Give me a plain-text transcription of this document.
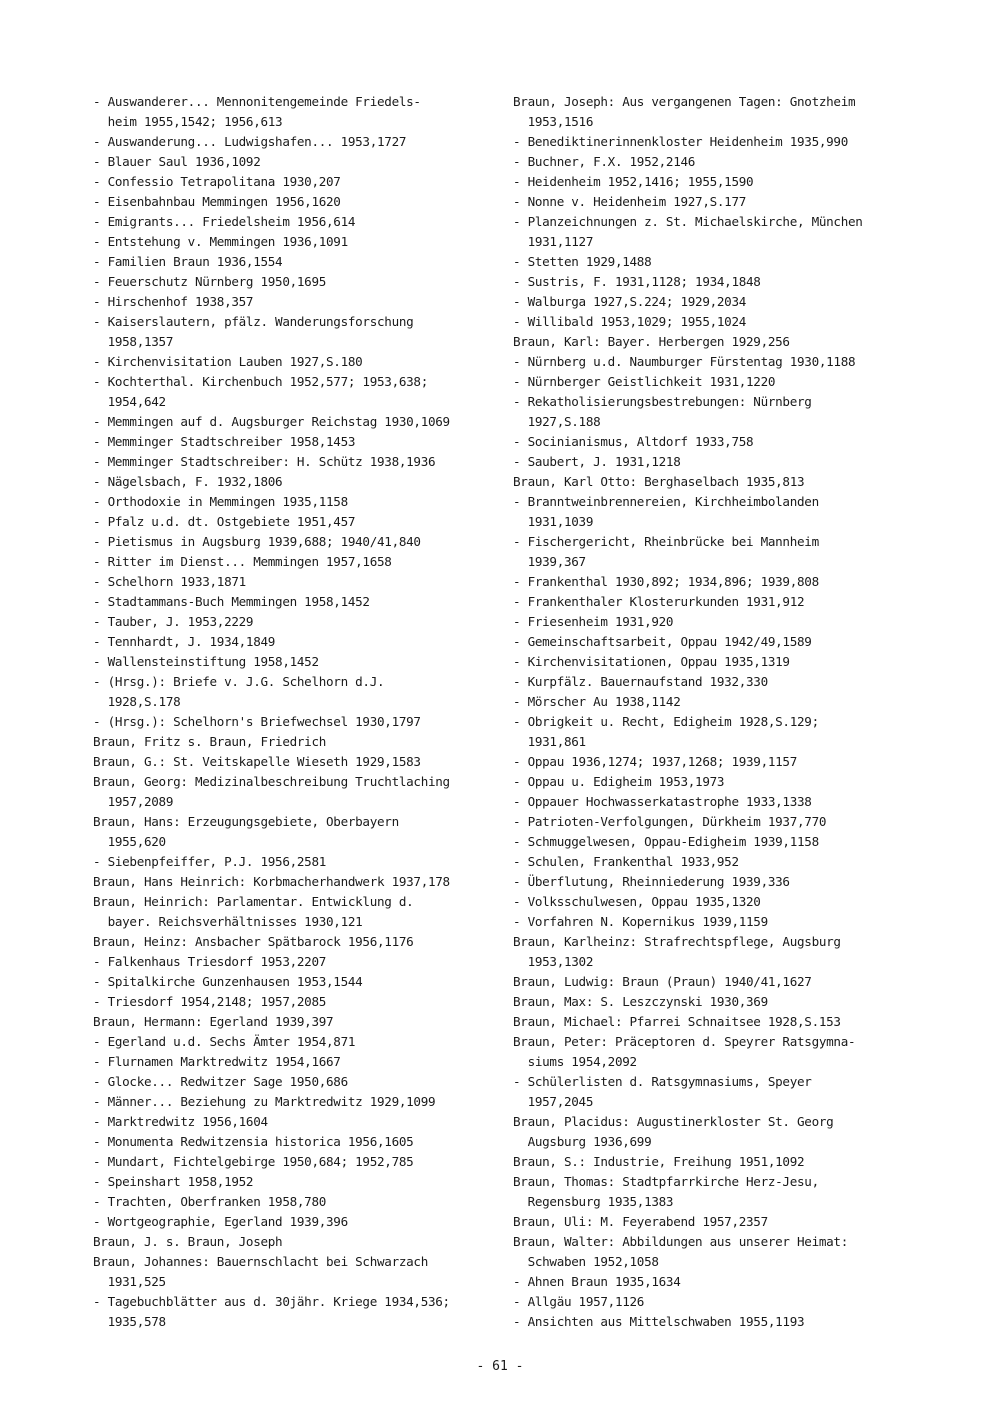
- Auswanderer... Mennonitengemeinde Friedels-
heim 1955,1542; 1956,613
- Auswanderung... Ludwigshafen... 1953,1727
- Blauer Saul 1936,1092
- Confessio Tetrapolitana 1930,207
- Eisenbahnbau Memmingen 1956,1620
- Emigrants... Friedelsheim 1956,614
- Entstehung v. Memmingen 1936,1091
- Familien Braun 1936,1554
- Feuerschutz Nürnberg 1950,1695
- Hirschenhof 1938,357
- Kaiserslautern, pfälz. Wanderungsforschung
1958,1357
- Kirchenvisitation Lauben 1927,S.180
- Kochterthal. Kirchenbuch 1952,577; 1953,638;
1954,642
- Memmingen auf d. Augsburger Reichstag 1930,1069
- Memminger Stadtschreiber 1958,1453
- Memminger Stadtschreiber: H. Schütz 1938,1936
- Nägelsbach, F. 1932,1806
- Orthodoxie in Memmingen 1935,1158
- Pfalz u.d. dt. Ostgebiete 1951,457
- Pietismus in Augsburg 1939,688; 1940/41,840
- Ritter im Dienst... Memmingen 1957,1658
- Schelhorn 1933,1871
- Stadtammans-Buch Memmingen 1958,1452
- Tauber, J. 1953,2229
- Tennhardt, J. 1934,1849
- Wallensteinstiftung 1958,1452
- (Hrsg.): Briefe v. J.G. Schelhorn d.J.
1928,S.178
- (Hrsg.): Schelhorn's Briefwechsel 1930,1797
Braun, Fritz s. Braun, Friedrich
Braun, G.: St. Veitskapelle Wieseth 1929,1583
Braun, Georg: Medizinalbeschreibung Truchtlaching
1957,2089
Braun, Hans: Erzeugungsgebiete, Oberbayern
1955,620
- Siebenpfeiffer, P.J. 1956,2581
Braun, Hans Heinrich: Korbmacherhandwerk 1937,178
Braun, Heinrich: Parlamentar. Entwicklung d.
bayer. Reichsverhältnisses 1930,121
Braun, Heinz: Ansbacher Spätbarock 1956,1176
- Falkenhaus Triesdorf 1953,2207
- Spitalkirche Gunzenhausen 1953,1544
- Triesdorf 1954,2148; 1957,2085
Braun, Hermann: Egerland 1939,397
- Egerland u.d. Sechs Ämter 1954,871
- Flurnamen Marktredwitz 1954,1667
- Glocke... Redwitzer Sage 1950,686
- Männer... Beziehung zu Marktredwitz 1929,1099
- Marktredwitz 1956,1604
- Monumenta Redwitzensia historica 1956,1605
- Mundart, Fichtelgebirge 1950,684; 1952,785
- Speinshart 1958,1952
- Trachten, Oberfranken 1958,780
- Wortgeographie, Egerland 1939,396
Braun, J. s. Braun, Joseph
Braun, Johannes: Bauernschlacht bei Schwarzach
1931,525
- Tagebuchblätter aus d. 30jähr. Kriege 1934,536;
1935,578
Braun, Joseph: Aus vergangenen Tagen: Gnotzheim
1953,1516
- Benediktinerinnenkloster Heidenheim 1935,990
- Buchner, F.X. 1952,2146
- Heidenheim 1952,1416; 1955,1590
- Nonne v. Heidenheim 1927,S.177
- Planzeichnungen z. St. Michaelskirche, München
1931,1127
- Stetten 1929,1488
- Sustris, F. 1931,1128; 1934,1848
- Walburga 1927,S.224; 1929,2034
- Willibald 1953,1029; 1955,1024
Braun, Karl: Bayer. Herbergen 1929,256
- Nürnberg u.d. Naumburger Fürstentag 1930,1188
- Nürnberger Geistlichkeit 1931,1220
- Rekatholisierungsbestrebungen: Nürnberg
1927,S.188
- Socinianismus, Altdorf 1933,758
- Saubert, J. 1931,1218
Braun, Karl Otto: Berghaselbach 1935,813
- Branntweinbrennereien, Kirchheimbolanden
1931,1039
- Fischergericht, Rheinbrücke bei Mannheim
1939,367
- Frankenthal 1930,892; 1934,896; 1939,808
- Frankenthaler Klosterurkunden 1931,912
- Friesenheim 1931,920
- Gemeinschaftsarbeit, Oppau 1942/49,1589
- Kirchenvisitationen, Oppau 1935,1319
- Kurpfälz. Bauernaufstand 1932,330
- Mörscher Au 1938,1142
- Obrigkeit u. Recht, Edigheim 1928,S.129;
1931,861
- Oppau 1936,1274; 1937,1268; 1939,1157
- Oppau u. Edigheim 1953,1973
- Oppauer Hochwasserkatastrophe 1933,1338
- Patrioten-Verfolgungen, Dürkheim 1937,770
- Schmuggelwesen, Oppau-Edigheim 1939,1158
- Schulen, Frankenthal 1933,952
- Überflutung, Rheinniederung 1939,336
- Volksschulwesen, Oppau 1935,1320
- Vorfahren N. Kopernikus 1939,1159
Braun, Karlheinz: Strafrechtspflege, Augsburg
1953,1302
Braun, Ludwig: Braun (Praun) 1940/41,1627
Braun, Max: S. Leszczynski 1930,369
Braun, Michael: Pfarrei Schnaitsee 1928,S.153
Braun, Peter: Präceptoren d. Speyrer Ratsgymna-
siums 1954,2092
- Schülerlisten d. Ratsgymnasiums, Speyer
1957,2045
Braun, Placidus: Augustinerkloster St. Georg
Augsburg 1936,699
Braun, S.: Industrie, Freihung 1951,1092
Braun, Thomas: Stadtpfarrkirche Herz-Jesu,
Regensburg 1935,1383
Braun, Uli: M. Feyerabend 1957,2357
Braun, Walter: Abbildungen aus unserer Heimat:
Schwaben 1952,1058
- Ahnen Braun 1935,1634
- Allgäu 1957,1126
- Ansichten aus Mittelschwaben 1955,1193
- 61 -
